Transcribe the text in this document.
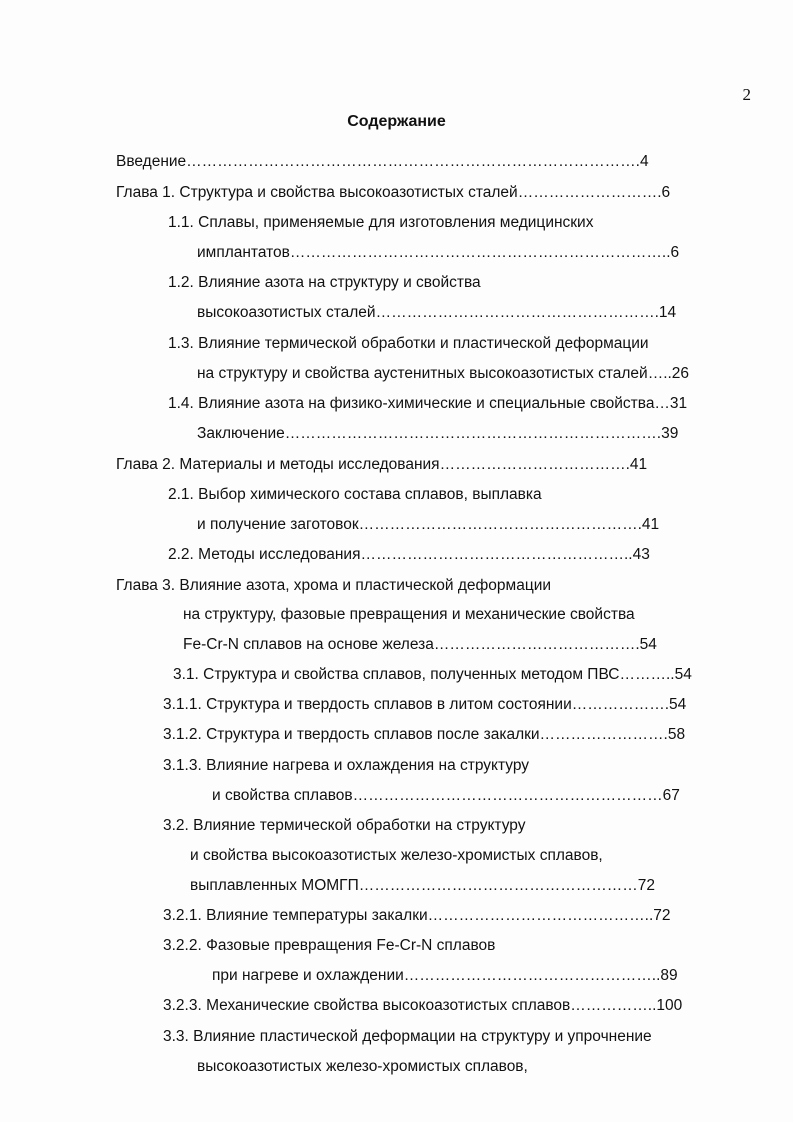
2
Содержание
Введение…………………………………………………………………………….4
Глава 1. Структура и свойства высокоазотистых сталей……………………….6
1.1. Сплавы, применяемые для изготовления медицинских
имплантатов………………………………………………………………..6
1.2. Влияние азота на структуру и свойства
высокоазотистых сталей……………………………………………….14
1.3. Влияние термической обработки и пластической деформации
на структуру и свойства аустенитных высокоазотистых сталей…..26
1.4. Влияние азота на физико-химические и специальные свойства…31
Заключение……………………………………………………………….39
Глава 2. Материалы и методы исследования……………………………….41
2.1. Выбор химического состава сплавов, выплавка
и получение заготовок……………………………………………….41
2.2. Методы исследования……………………………………………..43
Глава 3. Влияние азота, хрома и пластической деформации
на структуру, фазовые превращения и механические свойства
Fe-Cr-N сплавов на основе железа………………………………….54
3.1. Структура и свойства сплавов, полученных методом ПВС………..54
3.1.1. Структура и твердость сплавов в литом состоянии……………….54
3.1.2. Структура и твердость сплавов после закалки…………………….58
3.1.3. Влияние нагрева и охлаждения на структуру
и свойства сплавов……………………………………………………67
3.2. Влияние термической обработки на структуру
и свойства высокоазотистых железо-хромистых сплавов,
выплавленных МОМГП………………………………………………72
3.2.1. Влияние температуры закалки……………………………………..72
3.2.2. Фазовые превращения Fe-Cr-N сплавов
при нагреве и охлаждении…………………………………………..89
3.2.3. Механические свойства высокоазотистых сплавов……………..100
3.3. Влияние пластической деформации на структуру и упрочнение
высокоазотистых железо-хромистых сплавов,
